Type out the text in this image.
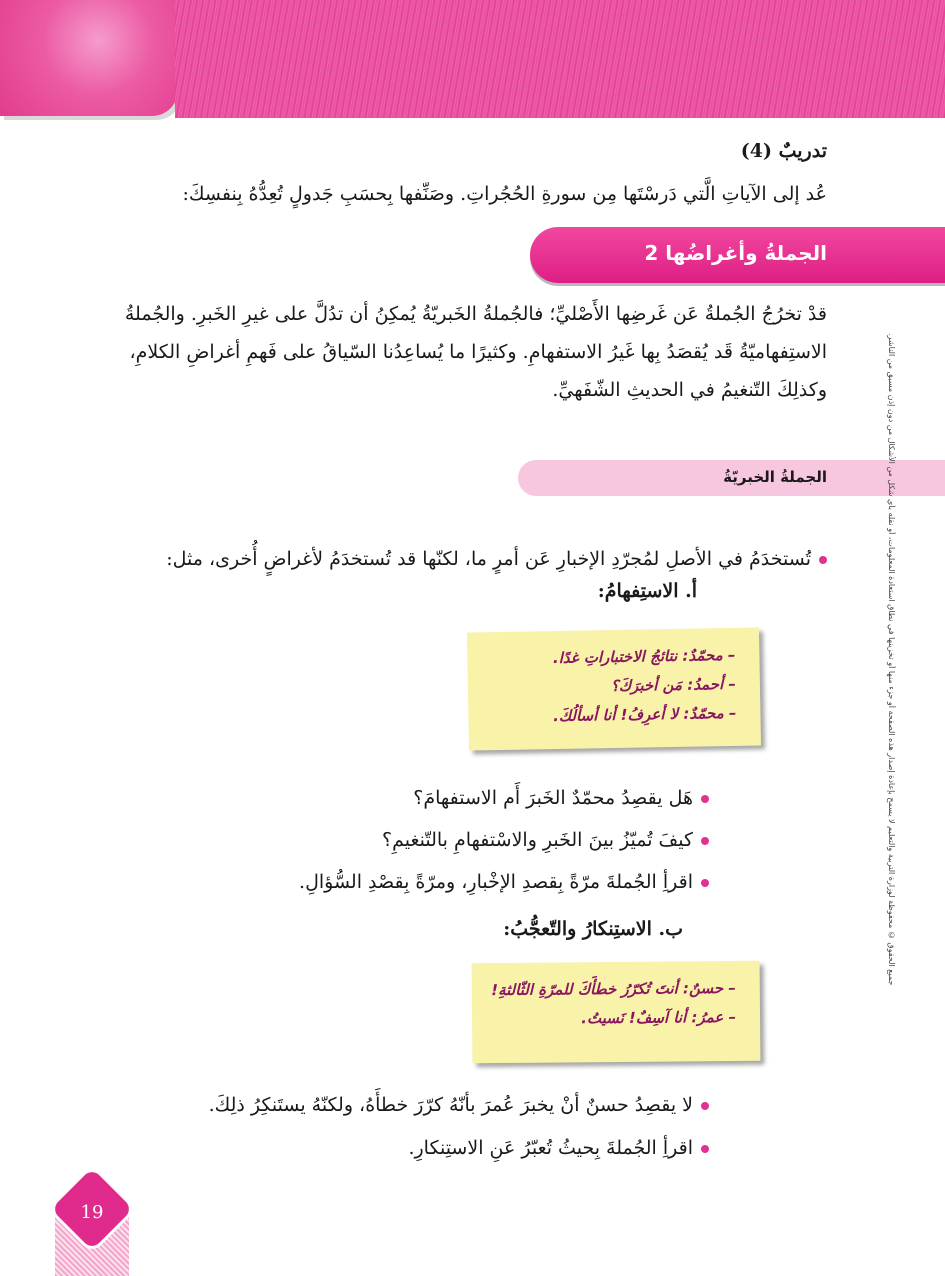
تدريبٌ (4)
عُد إلى الآياتِ الَّتي دَرسْتَها مِن سورةِ الحُجُراتِ. وصَنِّفها بِحسَبِ جَدولٍ تُعِدُّهُ بِنفسِكَ:
الجملةُ وأغراضُها 2
قدْ تخرُجُ الجُملةُ عَن غَرضِها الأَصْليِّ؛ فالجُملةُ الخَبريّةُ يُمكِنُ أن تدُلَّ على غيرِ الخَبرِ. والجُملةُ الاستِفهاميّةُ قَد يُقصَدُ بِها غَيرُ الاستفهامِ. وكثيرًا ما يُساعِدُنا السّياقُ على فَهمِ أغراضِ الكلامِ، وكذلِكَ التّنغيمُ في الحديثِ الشّفَهيِّ.
الجملةُ الخبريّةُ
تُستخدَمُ في الأصلِ لمُجرّدِ الإخبارِ عَن أمرٍ ما، لكنّها قد تُستخدَمُ لأغراضٍ أُخرى، مثل:
أ. الاستِفهامُ:
– محمّدٌ: نتائجُ الاختباراتِ غدًا.
– أحمدُ: مَن أخبرَكَ؟
– محمّدٌ: لا أعرِفُ! أنا أسألُكَ.
هَل يقصِدُ محمّدٌ الخَبرَ أَم الاستفهامَ؟
كيفَ تُميّزُ بينَ الخَبرِ والاسْتفهامِ بالتّنغيمِ؟
اقرأِ الجُملةَ مرّةً بِقصدِ الإخْبارِ، ومرّةً بِقصْدِ السُّؤالِ.
ب. الاستِنكارُ والتّعجُّبُ:
– حسنٌ: أنتَ تُكرّرُ خطأَكَ للمرّةِ الثّالثةِ!
– عمرُ: أنا آسِفٌ! نَسيتُ.
لا يقصِدُ حسنٌ أنْ يخبرَ عُمرَ بأنّهُ كرّرَ خطأَهُ، ولكنّهُ يستَنكِرُ ذلِكَ.
اقرأِ الجُملةَ بِحيثُ تُعبّرُ عَنِ الاستِنكارِ.
جميع الحقوق © محفوظة لوزارة التربية والتعليم لا يسمح بإعادة إصدار هذه الصفحة أو جزء منها أو تخزينها في نطاق استعادة المعلومات، أو نقله بأي شكل من الأشكال من دون إذن مسبق من الناشر.
19
